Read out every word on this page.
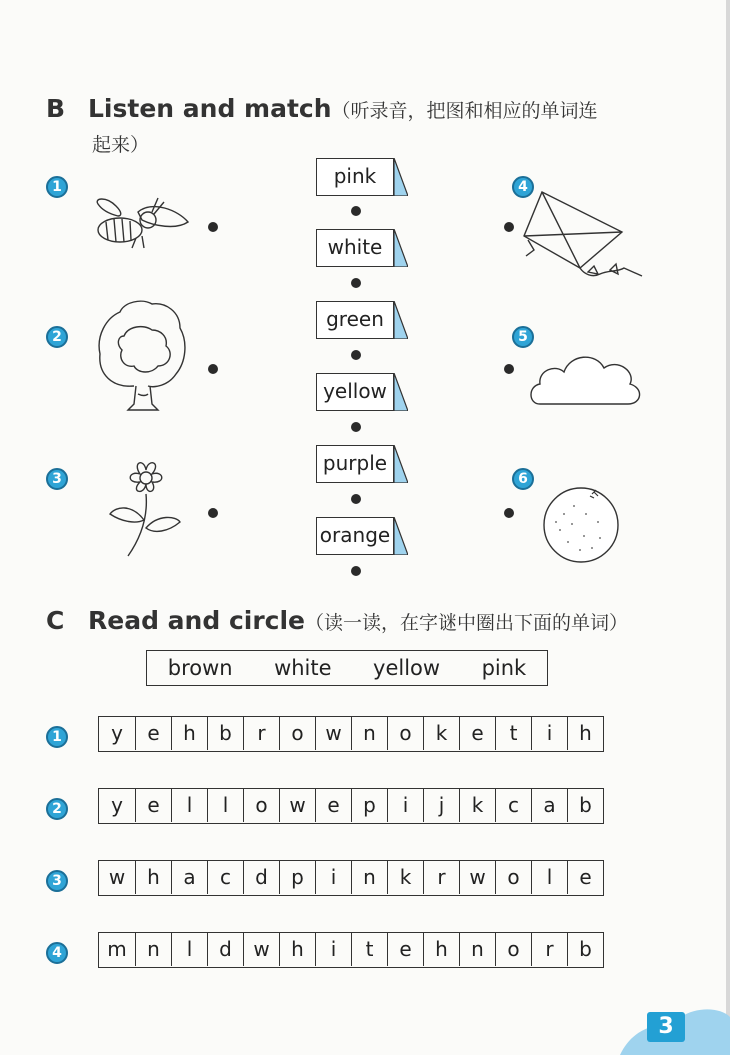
B Listen and match（听录音，把图和相应的单词连
起来）
1
2
3
4
5
6
pink
white
green
yellow
purple
orange
C Read and circle（读一读，在字谜中圈出下面的单词）
brown white yellow pink
1	y	e	h	b	r	o	w	n	o	k	e	t	i	h
2	y	e	l	l	o	w	e	p	i	j	k	c	a	b
3	w	h	a	c	d	p	i	n	k	r	w	o	l	e
4	m	n	l	d	w	h	i	t	e	h	n	o	r	b
3
